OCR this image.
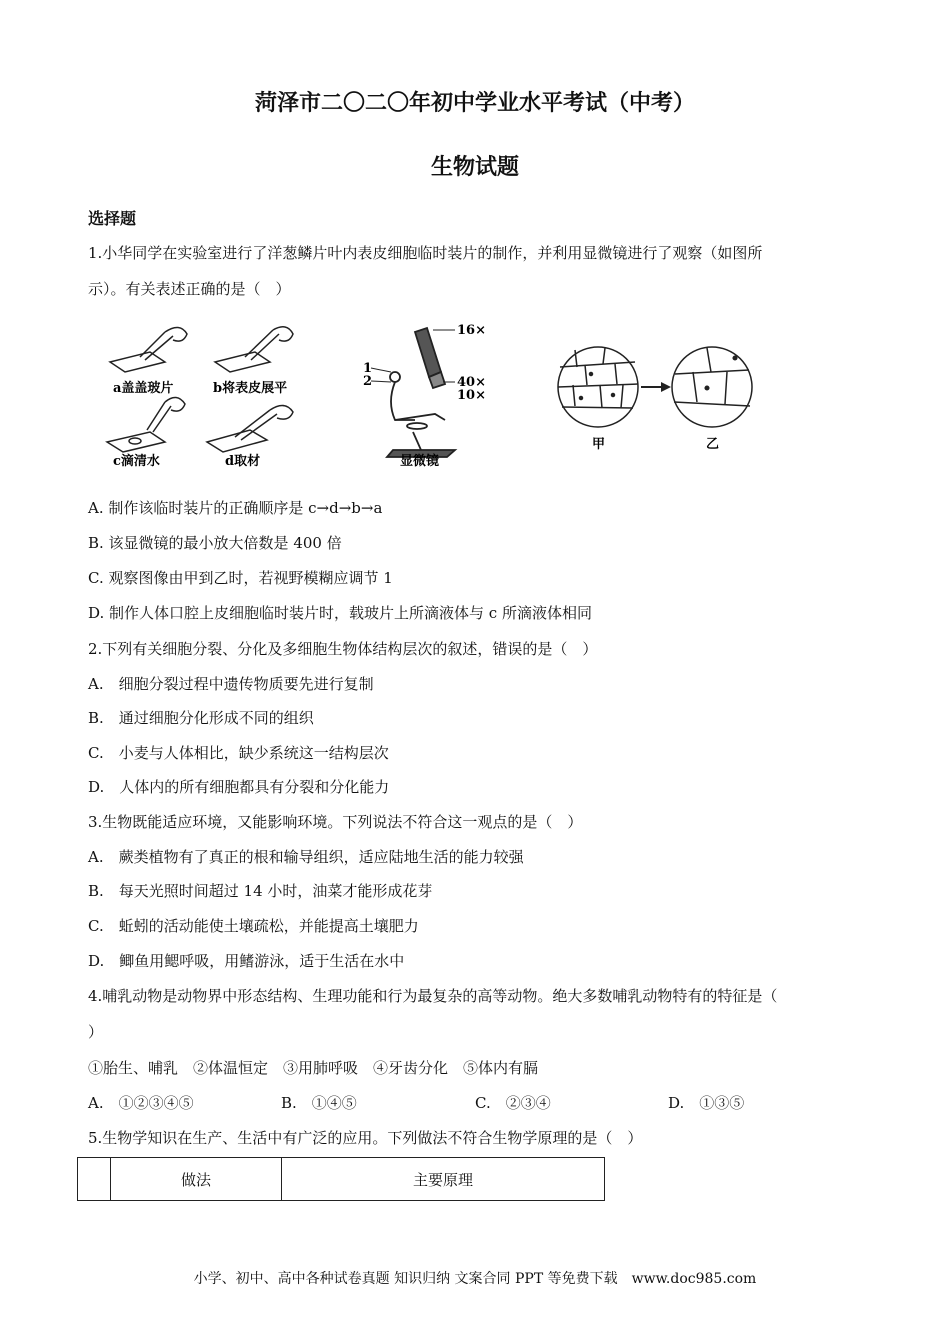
菏泽市二〇二〇年初中学业水平考试（中考）
生物试题
选择题
1.小华同学在实验室进行了洋葱鳞片叶内表皮细胞临时装片的制作，并利用显微镜进行了观察（如图所
示）。有关表述正确的是（　）
a盖盖玻片	b将表皮展平
c滴清水	d取材
16×
40×
10×
1
2
显微镜
甲	乙
A. 制作该临时装片的正确顺序是 c→d→b→a
B. 该显微镜的最小放大倍数是 400 倍
C. 观察图像由甲到乙时，若视野模糊应调节 1
D. 制作人体口腔上皮细胞临时装片时，载玻片上所滴液体与 c 所滴液体相同
2.下列有关细胞分裂、分化及多细胞生物体结构层次的叙述，错误的是（　）
A.　细胞分裂过程中遗传物质要先进行复制
B.　通过细胞分化形成不同的组织
C.　小麦与人体相比，缺少系统这一结构层次
D.　人体内的所有细胞都具有分裂和分化能力
3.生物既能适应环境，又能影响环境。下列说法不符合这一观点的是（　）
A.　蕨类植物有了真正的根和输导组织，适应陆地生活的能力较强
B.　每天光照时间超过 14 小时，油菜才能形成花芽
C.　蚯蚓的活动能使土壤疏松，并能提高土壤肥力
D.　鲫鱼用鳃呼吸，用鳍游泳，适于生活在水中
4.哺乳动物是动物界中形态结构、生理功能和行为最复杂的高等动物。绝大多数哺乳动物特有的特征是（
）
①胎生、哺乳　②体温恒定　③用肺呼吸　④牙齿分化　⑤体内有膈
A.　①②③④⑤	B.　①④⑤	C.　②③④	D.　①③⑤
5.生物学知识在生产、生活中有广泛的应用。下列做法不符合生物学原理的是（　）
	做法	主要原理
小学、初中、高中各种试卷真题 知识归纳 文案合同 PPT 等免费下载　www.doc985.com
